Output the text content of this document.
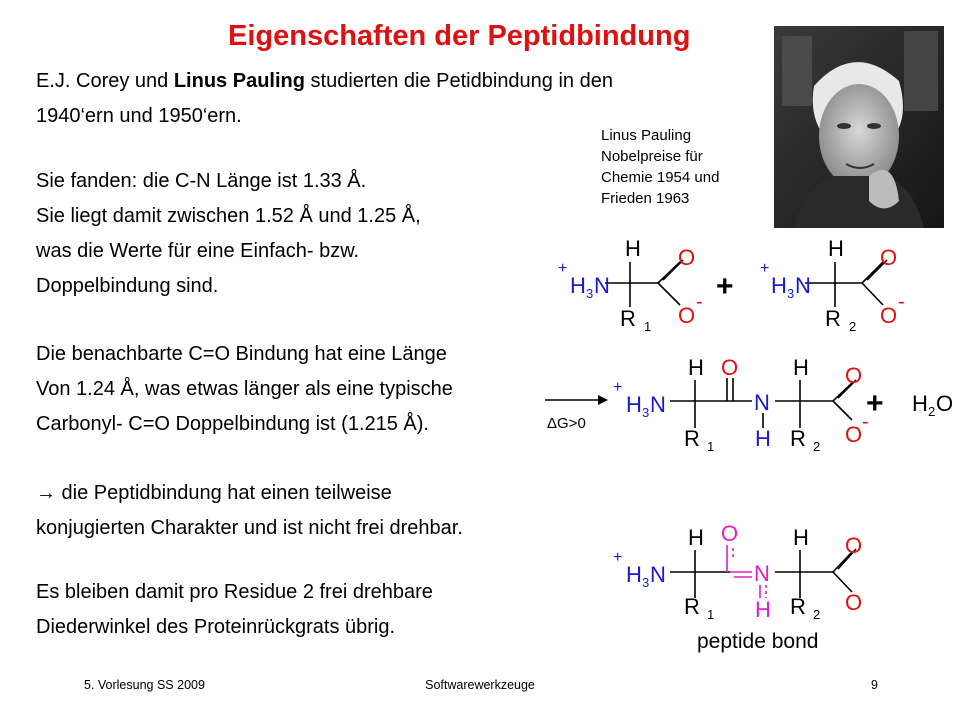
Eigenschaften der Peptidbindung
E.J. Corey und Linus Pauling studierten die Petidbindung in den
1940‘ern und 1950‘ern.
Sie fanden: die C-N Länge ist 1.33 Å.
Sie liegt damit zwischen 1.52 Å und 1.25 Å,
was die Werte für eine Einfach- bzw.
Doppelbindung sind.
Die benachbarte C=O Bindung hat eine Länge
Von 1.24 Å, was etwas länger als eine typische
Carbonyl- C=O Doppelbindung ist (1.215 Å).
→ die Peptidbindung hat einen teilweise
konjugierten Charakter und ist nicht frei drehbar.
Es bleiben damit pro Residue 2 frei drehbare
Diederwinkel des Proteinrückgrats übrig.
Linus Pauling
Nobelpreise für
Chemie 1954 und
Frieden 1963
H
+
H 3 N
O
O
-
R 1
+
H
+
H 3 N
O
O
-
R 2
ΔG>0
H
+
H 3 N
O
N
H
H O
O -
R 1	R 2
+ H 2 O
H
+
H 3 N
O
N
H
H O
O
R 1	R 2
peptide bond
5. Vorlesung SS 2009	Softwarewerkzeuge	9
